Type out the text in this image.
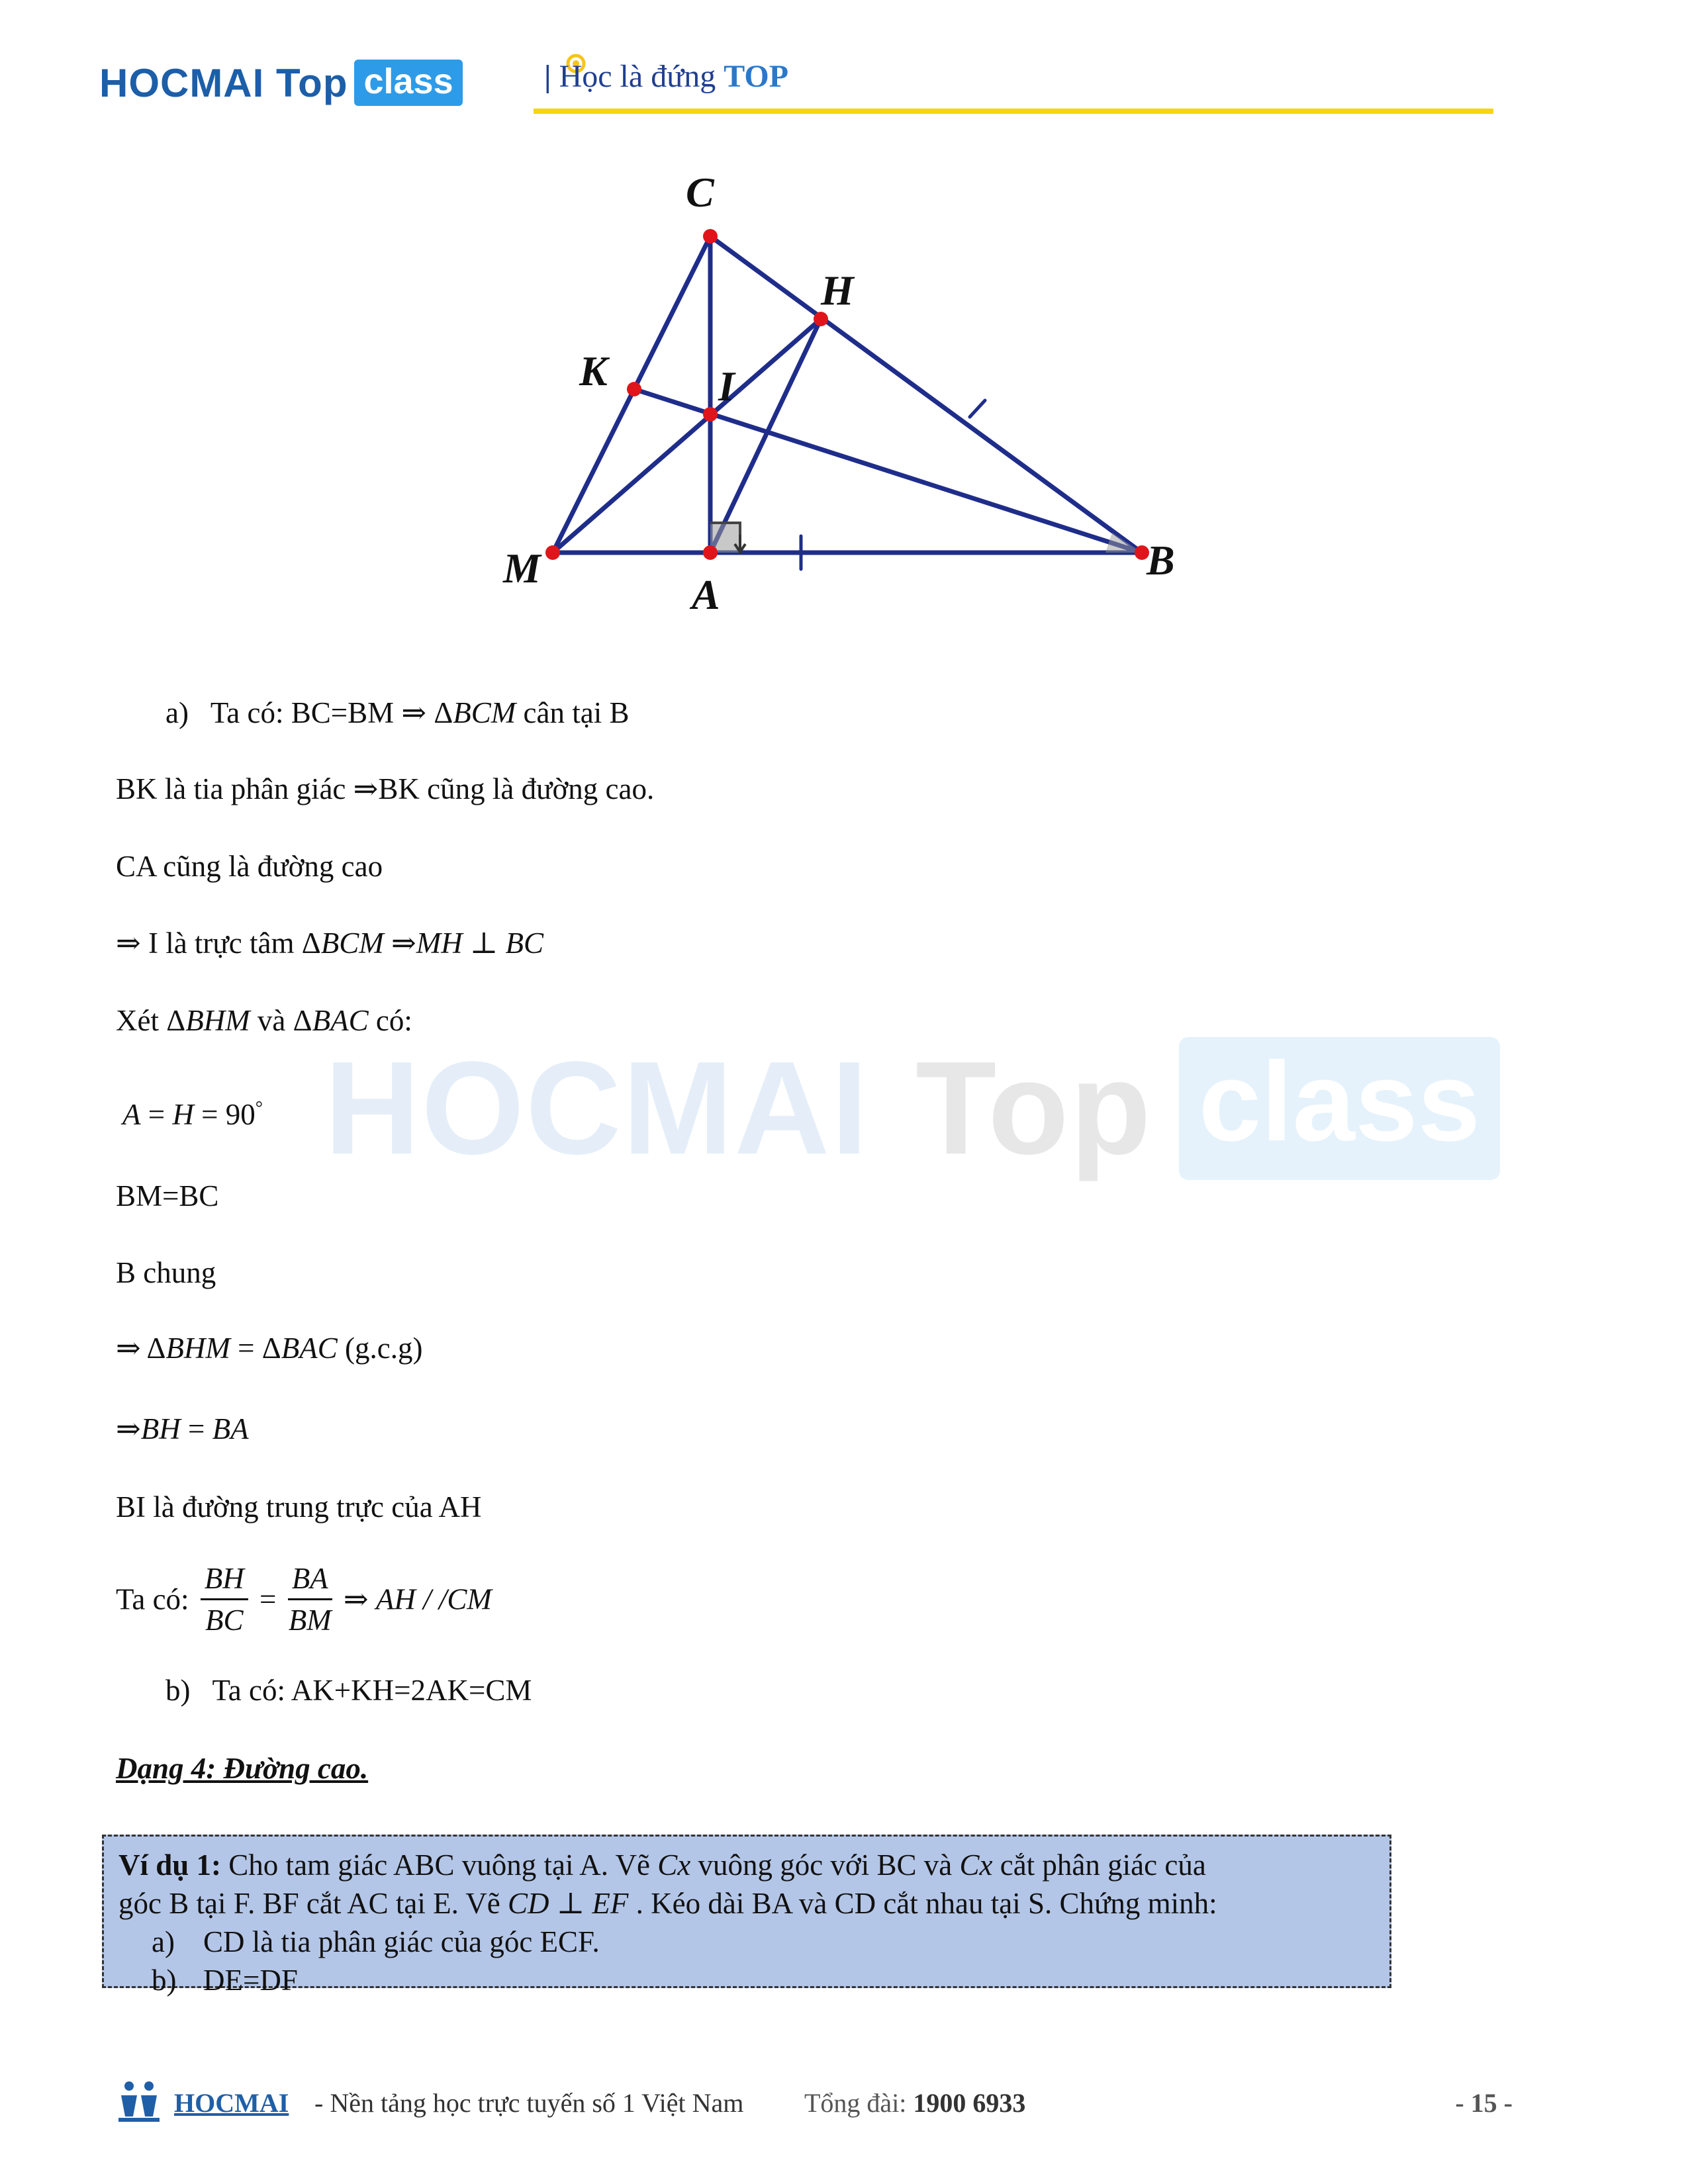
HOCMAI Top class	| Học là đứng TOP
HOCMAI Top class
C
H
K	I
M
A
B
a) Ta có: BC=BM ⇒ ΔBCM cân tại B
BK là tia phân giác ⇒BK cũng là đường cao.
CA cũng là đường cao
⇒ I là trực tâm ΔBCM ⇒MH ⊥ BC
Xét ΔBHM và ΔBAC có:
A = H = 90°
BM=BC
B chung
⇒ ΔBHM = ΔBAC (g.c.g)
⇒BH = BA
BI là đường trung trực của AH
Ta có: $\frac{BH}{BC} = \frac{BA}{BM}$ ⇒ AH / /CM
b) Ta có: AK+KH=2AK=CM
Dạng 4: Đường cao.
Ví dụ 1: Cho tam giác ABC vuông tại A. Vẽ Cx vuông góc với BC và Cx cắt phân giác của
góc B tại F. BF cắt AC tại E. Vẽ CD ⊥ EF . Kéo dài BA và CD cắt nhau tại S. Chứng minh:
a) CD là tia phân giác của góc ECF.
b) DE=DF
HOCMAI - Nền tảng học trực tuyến số 1 Việt Nam Tổng đài: 1900 6933	- 15 -
